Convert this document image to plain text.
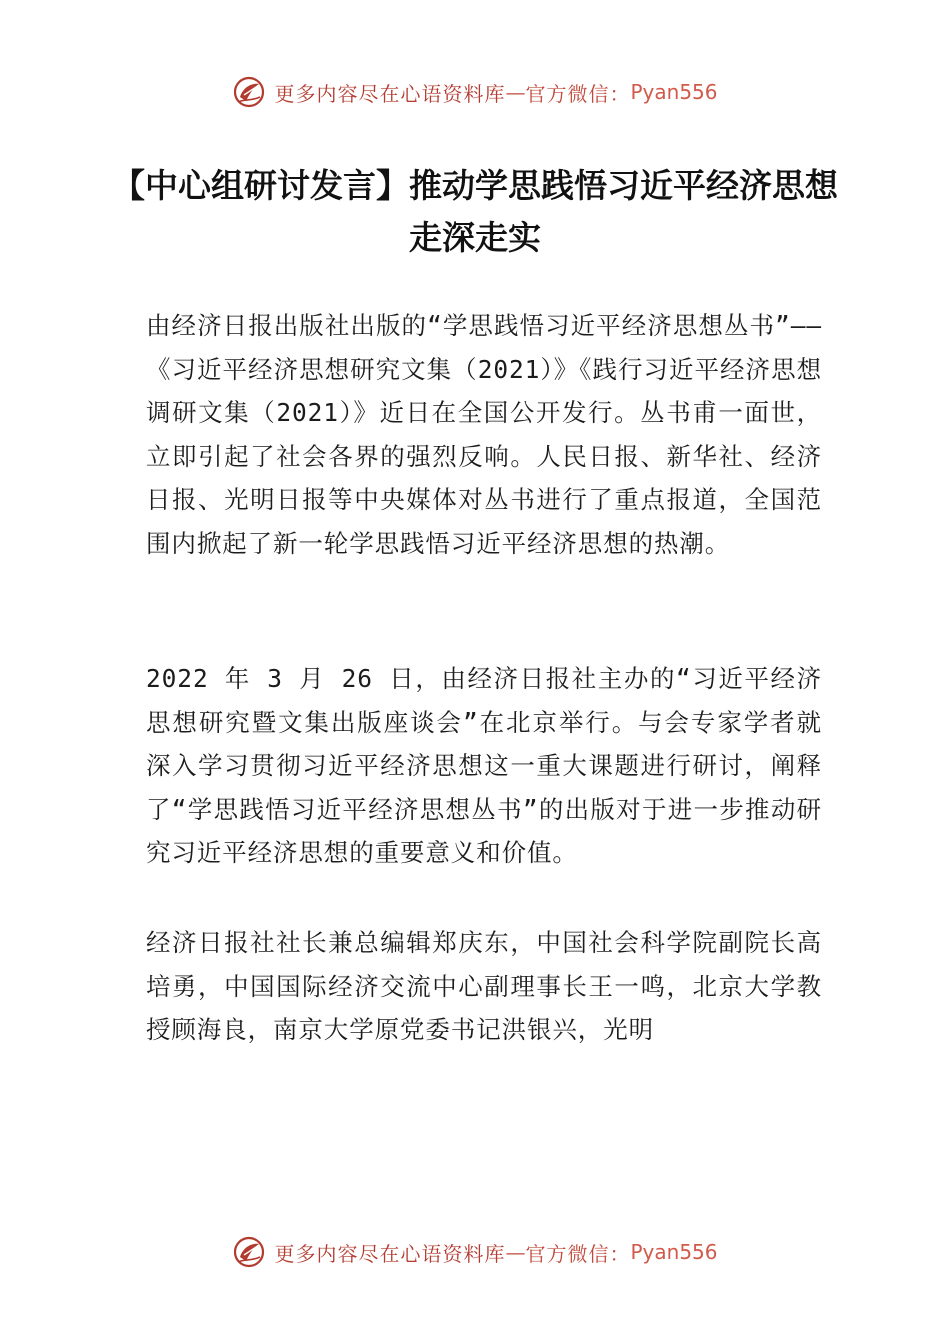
更多内容尽在心语资料库 — 官方微信： Pyan556
【中心组研讨发言】推动学思践悟习近平经济思想走深走实

由经济日报出版社出版的“学思践悟习近平经济思想丛书”——《习近平经济思想研究文集（2021）》《践行习近平经济思想调研文集（2021）》近日在全国公开发行。丛书甫一面世，立即引起了社会各界的强烈反响。人民日报、新华社、经济日报、光明日报等中央媒体对丛书进行了重点报道，全国范围内掀起了新一轮学思践悟习近平经济思想的热潮。

2022 年 3 月 26 日，由经济日报社主办的“习近平经济思想研究暨文集出版座谈会”在北京举行。与会专家学者就深入学习贯彻习近平经济思想这一重大课题进行研讨，阐释了“学思践悟习近平经济思想丛书”的出版对于进一步推动研究习近平经济思想的重要意义和价值。

经济日报社社长兼总编辑郑庆东，中国社会科学院副院长高培勇，中国国际经济交流中心副理事长王一鸣，北京大学教授顾海良，南京大学原党委书记洪银兴，光明

更多内容尽在心语资料库 — 官方微信： Pyan556
